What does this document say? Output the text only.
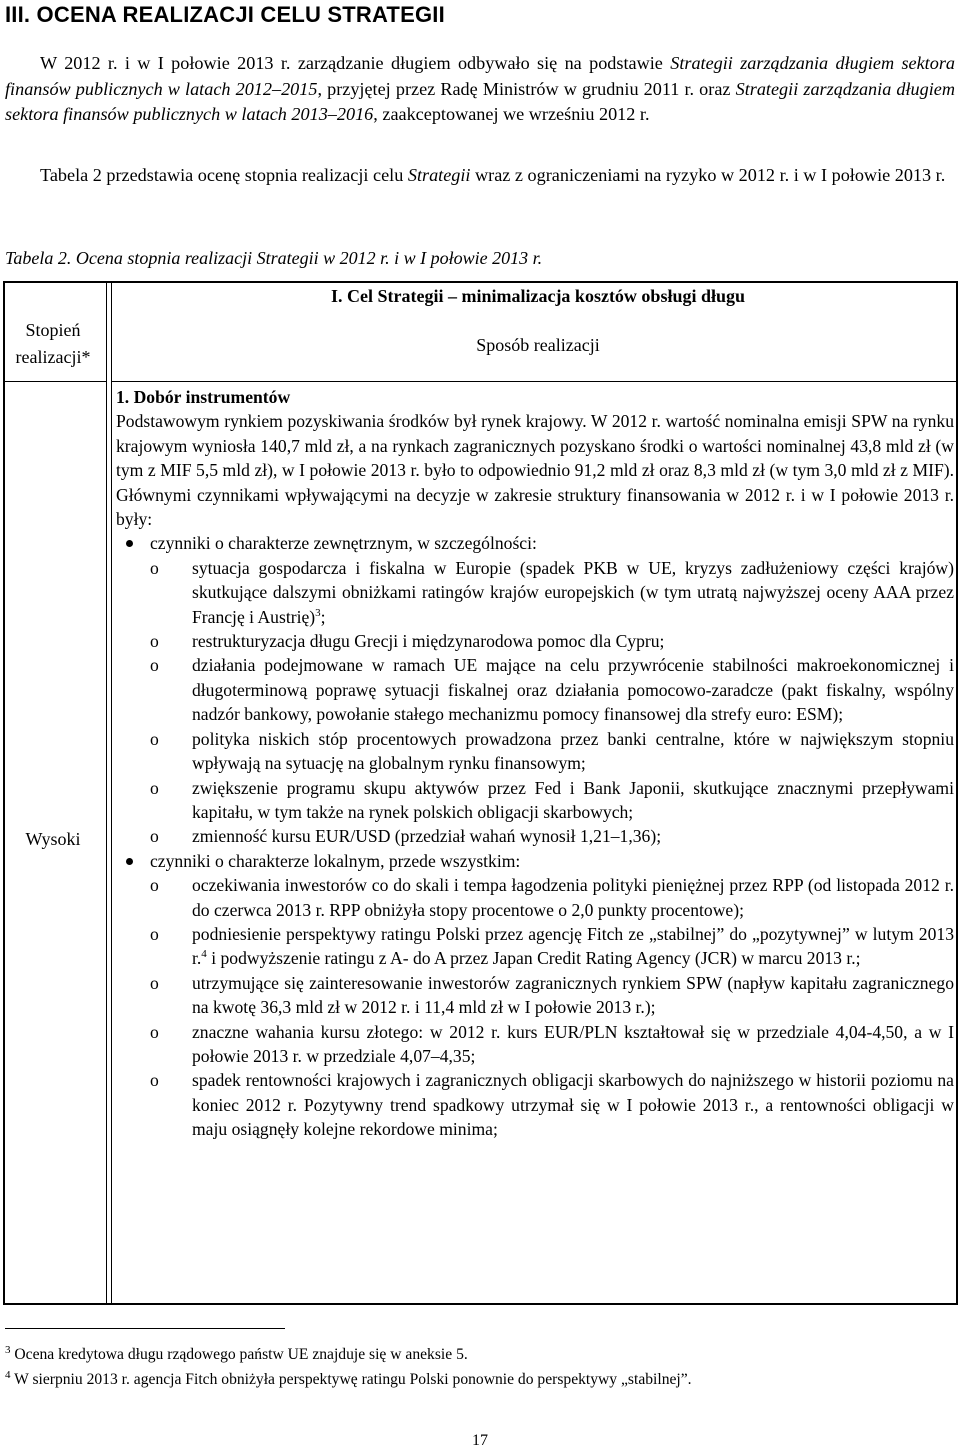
III. OCENA REALIZACJI CELU STRATEGII
W 2012 r. i w I połowie 2013 r. zarządzanie długiem odbywało się na podstawie Strategii zarządzania długiem sektora finansów publicznych w latach 2012–2015, przyjętej przez Radę Ministrów w grudniu 2011 r. oraz Strategii zarządzania długiem sektora finansów publicznych w latach 2013–2016, zaakceptowanej we wrześniu 2012 r.
Tabela 2 przedstawia ocenę stopnia realizacji celu Strategii wraz z ograniczeniami na ryzyko w 2012 r. i w I połowie 2013 r.
Tabela 2. Ocena stopnia realizacji Strategii w 2012 r. i w I połowie 2013 r.
I. Cel Strategii – minimalizacja kosztów obsługi długu
Stopień realizacji*
Sposób realizacji
Wysoki
1. Dobór instrumentów
Podstawowym rynkiem pozyskiwania środków był rynek krajowy. W 2012 r. wartość nominalna emisji SPW na rynku krajowym wyniosła 140,7 mld zł, a na rynkach zagranicznych pozyskano środki o wartości nominalnej 43,8 mld zł (w tym z MIF 5,5 mld zł), w I połowie 2013 r. było to odpowiednio 91,2 mld zł oraz 8,3 mld zł (w tym 3,0 mld zł z MIF). Głównymi czynnikami wpływającymi na decyzje w zakresie struktury finansowania w 2012 r. i w I połowie 2013 r. były:
czynniki o charakterze zewnętrznym, w szczególności:
o sytuacja gospodarcza i fiskalna w Europie (spadek PKB w UE, kryzys zadłużeniowy części krajów) skutkujące dalszymi obniżkami ratingów krajów europejskich (w tym utratą najwyższej oceny AAA przez Francję i Austrię)$^3$;
o restrukturyzacja długu Grecji i międzynarodowa pomoc dla Cypru;
o działania podejmowane w ramach UE mające na celu przywrócenie stabilności makroekonomicznej i długoterminową poprawę sytuacji fiskalnej oraz działania pomocowo-zaradcze (pakt fiskalny, wspólny nadzór bankowy, powołanie stałego mechanizmu pomocy finansowej dla strefy euro: ESM);
o polityka niskich stóp procentowych prowadzona przez banki centralne, które w największym stopniu wpływają na sytuację na globalnym rynku finansowym;
o zwiększenie programu skupu aktywów przez Fed i Bank Japonii, skutkujące znacznymi przepływami kapitału, w tym także na rynek polskich obligacji skarbowych;
o zmienność kursu EUR/USD (przedział wahań wynosił 1,21–1,36);
czynniki o charakterze lokalnym, przede wszystkim:
o oczekiwania inwestorów co do skali i tempa łagodzenia polityki pieniężnej przez RPP (od listopada 2012 r. do czerwca 2013 r. RPP obniżyła stopy procentowe o 2,0 punkty procentowe);
o podniesienie perspektywy ratingu Polski przez agencję Fitch ze „stabilnej” do „pozytywnej” w lutym 2013 r.$^4$ i podwyższenie ratingu z A- do A przez Japan Credit Rating Agency (JCR) w marcu 2013 r.;
o utrzymujące się zainteresowanie inwestorów zagranicznych rynkiem SPW (napływ kapitału zagranicznego na kwotę 36,3 mld zł w 2012 r. i 11,4 mld zł w I połowie 2013 r.);
o znaczne wahania kursu złotego: w 2012 r. kurs EUR/PLN kształtował się w przedziale 4,04-4,50, a w I połowie 2013 r. w przedziale 4,07–4,35;
o spadek rentowności krajowych i zagranicznych obligacji skarbowych do najniższego w historii poziomu na koniec 2012 r. Pozytywny trend spadkowy utrzymał się w I połowie 2013 r., a rentowności obligacji w maju osiągnęły kolejne rekordowe minima;
$^3$ Ocena kredytowa długu rządowego państw UE znajduje się w aneksie 5.
$^4$ W sierpniu 2013 r. agencja Fitch obniżyła perspektywę ratingu Polski ponownie do perspektywy „stabilnej”.
17
